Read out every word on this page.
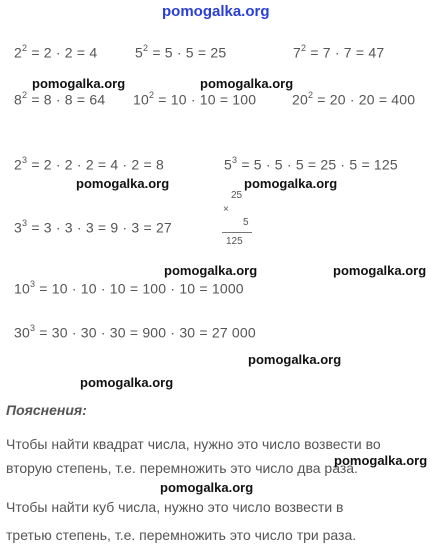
pomogalka.org
$2^2 = 2 \cdot 2 = 4$	$5^2 = 5 \cdot 5 = 25$	$7^2 = 7 \cdot 7 = 47$
pomogalka.org	pomogalka.org
$8^2 = 8 \cdot 8 = 64$ $10^2 = 10 \cdot 10 = 100$	$20^2 = 20 \cdot 20 = 400$
$2^3 = 2 \cdot 2 \cdot 2 = 4 \cdot 2 = 8$	$5^3 = 5 \cdot 5 \cdot 5 = 25 \cdot 5 = 125$
pomogalka.org	pomogalka.org
25
×
5
125
$3^3 = 3 \cdot 3 \cdot 3 = 9 \cdot 3 = 27$
pomogalka.org	pomogalka.org
$10^3 = 10 \cdot 10 \cdot 10 = 100 \cdot 10 = 1000$
$30^3 = 30 \cdot 30 \cdot 30 = 900 \cdot 30 = 27$ 000
pomogalka.org
pomogalka.org
Пояснения:
Чтобы найти квадрат числа, нужно это число возвести во
вторую степень, т.е. перемножить это число два раза.
pomogalka.org
pomogalka.org
Чтобы найти куб числа, нужно это число возвести в
третью степень, т.е. перемножить это число три раза.
